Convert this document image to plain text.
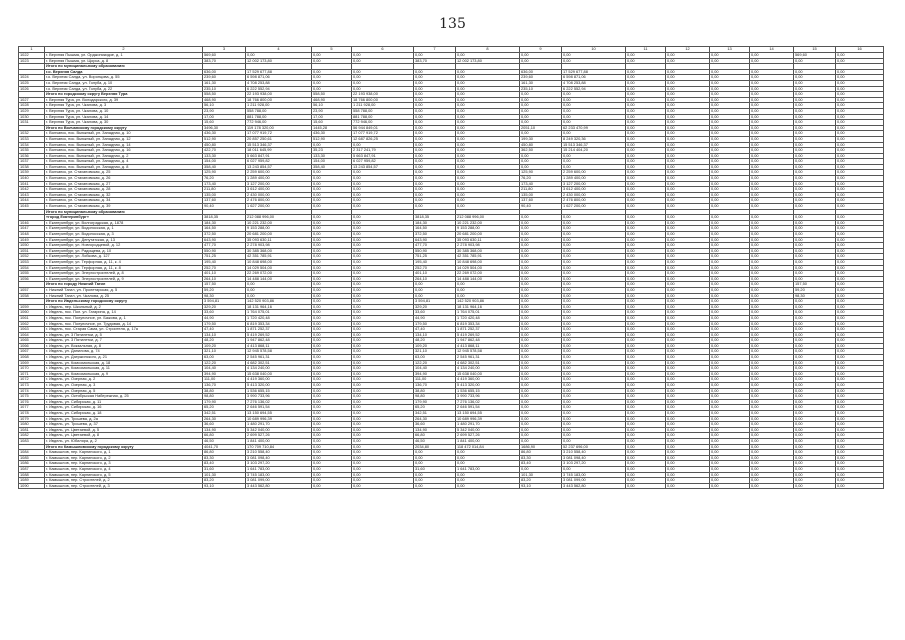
135
1	2	3	4	5	6	7	8	9	10	11	12	13	14	15	16
1022	г. Верхняя Пышма, ул. Орджоникидзе, д. 1	569,60	0,00	0,00	0,00	0,00	0,00	0,00	0,00	0,00	0,00	0,00	0,00	569,60	0,00
1023	г. Верхняя Пышма, ул. Щорса, д. 8	383,70	12 002 173,80	0,00	0,00	383,70	12 002 173,80	0,00	0,00	0,00	0,00	0,00	0,00	0,00	0,00
	Итого по муниципальному образованию														
	г.о. Верхняя Салда	636,00	17 529 677,88	0,00	0,00	0,00	0,00	636,00	17 529 677,88	0,00	0,00	0,00	0,00	0,00	0,00
1024	г.о. Верхняя Салда, ул. Воронцова, д. 55	239,60	6 598 871,06	0,00	0,00	0,00	0,00	239,60	6 598 871,06	0,00	0,00	0,00	0,00	0,00	0,00
1025	г.о. Верхняя Салда, ул. Голуба, д. 10	161,30	4 708 253,88	0,00	0,00	0,00	0,00	161,30	4 708 253,88	0,00	0,00	0,00	0,00	0,00	0,00
1026	г.о. Верхняя Салда, ул. Голуба, д. 22	235,10	6 222 552,94	0,00	0,00	0,00	0,00	235,10	6 222 552,94	0,00	0,00	0,00	0,00	0,00	0,00
	Итого по городскому округу Верхняя Тура	558,50	22 193 938,00	558,50	22 193 938,00	0,00	0,00	0,00	0,00	0,00	0,00	0,00	0,00	0,00	0,00
1027	г. Верхняя Тура, ул. Володарского, д. 39	468,90	18 766 800,00	468,90	18 766 800,00	0,00	0,00	0,00	0,00	0,00	0,00	0,00	0,00	0,00	0,00
1028	г. Верхняя Тура, ул. Чкалова, д. 3	56,10	1 211 928,00	56,10	1 211 928,00	0,00	0,00	0,00	0,00	0,00	0,00	0,00	0,00	0,00	0,00
1029	г. Верхняя Тура, ул. Чкалова, д. 10	23,90	558 788,00	23,90	558 788,00	0,00	0,00	0,00	0,00	0,00	0,00	0,00	0,00	0,00	0,00
1030	г. Верхняя Тура, ул. Чкалова, д. 14	17,00	881 788,00	17,00	881 788,00	0,00	0,00	0,00	0,00	0,00	0,00	0,00	0,00	0,00	0,00
1031	г. Верхняя Тура, ул. Чкалова, д. 30	15,60	772 946,00	15,60	772 946,00	0,00	0,00	0,00	0,00	0,00	0,00	0,00	0,00	0,00	0,00
	Итого по Волчанскому городскому округу	3496,30	119 178 320,00	1445,28	56 944 849,01	0,00	0,00	2051,10	62 233 470,99	0,00	0,00	0,00	0,00	0,00	0,00
1032	г. Волчанск, пос. Вьюжный, ул. Западная, д. 10	436,30	17 077 919,72	436,30	17 077 919,72	0,00	0,00	0,00	0,00	0,00	0,00	0,00	0,00	0,00	0,00
1033	г. Волчанск, пос. Вьюжный, ул. Западная, д. 12	512,90	20 857 250,61	512,90	12 687 826,25	0,00	0,00	199,30	8 249 320,36	0,00	0,00	0,00	0,00	0,00	0,00
1034	г. Волчанск, пос. Вьюжный, ул. Западная, д. 14	450,80	15 513 346,37	0,00	0,00	0,00	0,00	450,80	15 513 346,37	0,00	0,00	0,00	0,00	0,00	0,00
1035	г. Волчанск, пос. Вьюжный, ул. Западная, д. 16	422,70	18 011 645,99	35,23	2 317 241,79	0,00	0,00	362,50	15 214 404,20	0,00	0,00	0,00	0,00	0,00	0,00
1036	г. Волчанск, пос. Вьюжный, ул. Западная, д. 2	133,30	5 663 847,91	133,30	5 663 847,91	0,00	0,00	0,00	0,00	0,00	0,00	0,00	0,00	0,00	0,00
1037	г. Волчанск, пос. Вьюжный, ул. Западная, д. 4	154,00	6 027 959,82	154,00	6 027 959,82	0,00	0,00	0,00	0,00	0,00	0,00	0,00	0,00	0,00	0,00
1038	г. Волчанск, пос. Вьюжный, ул. Западная, д. 8	358,40	13 243 854,57	358,40	13 243 854,57	0,00	0,00	0,00	0,00	0,00	0,00	0,00	0,00	0,00	0,00
1039	г. Волчанск, ул. Стахановская, д. 25	125,90	2 259 600,00	0,00	0,00	0,00	0,00	125,90	2 259 600,00	0,00	0,00	0,00	0,00	0,00	0,00
1040	г. Волчанск, ул. Стахановская, д. 26	76,20	1 289 400,00	0,00	0,00	0,00	0,00	76,20	1 289 400,00	0,00	0,00	0,00	0,00	0,00	0,00
1041	г. Волчанск, ул. Стахановская, д. 27	173,40	3 127 200,00	0,00	0,00	0,00	0,00	173,40	3 127 200,00	0,00	0,00	0,00	0,00	0,00	0,00
1042	г. Волчанск, ул. Стахановская, д. 28	211,80	3 612 400,00	0,00	0,00	0,00	0,00	211,80	3 612 400,00	0,00	0,00	0,00	0,00	0,00	0,00
1043	г. Волчанск, ул. Стахановская, д. 32	135,00	2 430 000,00	0,00	0,00	0,00	0,00	135,00	2 430 000,00	0,00	0,00	0,00	0,00	0,00	0,00
1044	г. Волчанск, ул. Стахановская, д. 34	137,60	2 476 800,00	0,00	0,00	0,00	0,00	137,60	2 476 800,00	0,00	0,00	0,00	0,00	0,00	0,00
1045	г. Волчанск, ул. Стахановская, д. 39	90,40	1 627 200,00	0,00	0,00	0,00	0,00	90,40	1 627 200,00	0,00	0,00	0,00	0,00	0,00	0,00
	Итого по муниципальному образованию														
	«город Екатеринбург»	3818,35	212 088 996,00	0,00	0,00	3818,35	212 088 996,00	0,00	0,00	0,00	0,00	0,00	0,00	0,00	0,00
1046	г. Екатеринбург, ул. Волгоградская, д. 1878	184,30	10 221 232,00	0,00	0,00	184,30	10 221 232,00	0,00	0,00	0,00	0,00	0,00	0,00	0,00	0,00
1047	г. Екатеринбург, ул. Водоносская, д. 1	164,50	9 153 288,00	0,00	0,00	164,50	9 153 288,00	0,00	0,00	0,00	0,00	0,00	0,00	0,00	0,00
1048	г. Екатеринбург, ул. Водоносская, д. 3	372,50	20 681 200,00	0,00	0,00	372,50	20 681 200,00	0,00	0,00	0,00	0,00	0,00	0,00	0,00	0,00
1049	г. Екатеринбург, ул. Депутатская, д. 13	643,90	35 093 630,11	0,00	0,00	643,90	35 093 630,11	0,00	0,00	0,00	0,00	0,00	0,00	0,00	0,00
1050	г. Екатеринбург, ул. Новгородцевой, д. 12	477,70	2 278 903,98	0,00	0,00	477,70	2 278 903,98	0,00	0,00	0,00	0,00	0,00	0,00	0,00	0,00
1051	г. Екатеринбург, ул. Радищева, д. 10	550,90	30 385 368,00	0,00	0,00	550,90	30 385 368,00	0,00	0,00	0,00	0,00	0,00	0,00	0,00	0,00
1052	г. Екатеринбург, ул. Лобкова, д. 127	751,25	42 351 785,91	0,00	0,00	751,25	42 351 785,91	0,00	0,00	0,00	0,00	0,00	0,00	0,00	0,00
1053	г. Екатеринбург, ул. Терфорная, д. 11, к. 4	195,40	10 848 698,00	0,00	0,00	195,40	10 848 698,00	0,00	0,00	0,00	0,00	0,00	0,00	0,00	0,00
1054	г. Екатеринбург, ул. Терфорная, д. 11, к. 8	252,70	14 029 504,00	0,00	0,00	252,70	14 029 504,00	0,00	0,00	0,00	0,00	0,00	0,00	0,00	0,00
1055	г. Екатеринбург, ул. Энергостроителей, д. 8	401,10	22 269 072,00	0,00	0,00	401,10	22 269 072,00	0,00	0,00	0,00	0,00	0,00	0,00	0,00	0,00
1056	г. Екатеринбург, ул. Энергостроителей, д. 9	264,10	14 488 144,00	0,00	0,00	264,10	14 488 144,00	0,00	0,00	0,00	0,00	0,00	0,00	0,00	0,00
	Итого по городу Нижний Тагил	157,50	0,00	0,00	0,00	0,00	0,00	0,00	0,00	0,00	0,00	0,00	0,00	157,50	0,00
1057	г. Нижний Тагил, ул. Пролетарская, д. 5	59,20	0,00	0,00	0,00	0,00	0,00	0,00	0,00	0,00	0,00	0,00	0,00	59,20	0,00
1058	г. Нижний Тагил, ул. Чкалова, д. 25	98,30	0,00	0,00	0,00	0,00	0,00	0,00	0,00	0,00	0,00	0,00	0,00	98,30	0,00
	Итого по Ивдельскому городскому округу	3 594,81	142 520 903,86	0,00	0,00	3 594,81	142 520 903,86	0,00	0,00	0,00	0,00	0,00	0,00	0,00	0,00
1059	г. Ивдель, пер. Школьный, д. 2	329,20	18 131 964,16	0,00	0,00	329,20	18 131 964,16	0,00	0,00	0,00	0,00	0,00	0,00	0,00	0,00
1060	г. Ивдель, пос. Пол. ул. Гагарина, д. 14	33,60	1 764 075,01	0,00	0,00	33,60	1 764 075,01	0,00	0,00	0,00	0,00	0,00	0,00	0,00	0,00
1061	г. Ивдель, пос. Полуночное, ул. Бажова, д. 1	44,90	1 720 420,48	0,00	0,00	44,90	1 720 420,48	0,00	0,00	0,00	0,00	0,00	0,00	0,00	0,00
1062	г. Ивдель, пос. Полуночное, ул. Трудовая, д. 14	179,50	6 819 353,34	0,00	0,00	179,50	6 819 353,34	0,00	0,00	0,00	0,00	0,00	0,00	0,00	0,00
1063	г. Ивдель, пос. Старая Сама, ул. Строителя, д. 17а	47,40	1 871 252,37	0,00	0,00	47,40	1 871 252,37	0,00	0,00	0,00	0,00	0,00	0,00	0,00	0,00
1064	г. Ивдель, ул. 3 Пятилетки, д. 5	134,10	5 419 269,52	0,00	0,00	134,10	5 419 269,52	0,00	0,00	0,00	0,00	0,00	0,00	0,00	0,00
1065	г. Ивдель, ул. 3 Пятилетки, д. 7	48,20	1 947 862,48	0,00	0,00	48,20	1 947 862,48	0,00	0,00	0,00	0,00	0,00	0,00	0,00	0,00
1066	г. Ивдель, ул. Вокзальная, д. 8	109,20	4 413 868,11	0,00	0,00	109,20	4 413 868,11	0,00	0,00	0,00	0,00	0,00	0,00	0,00	0,00
1067	г. Ивдель, ул. Данилова, д. 74	321,10	12 945 578,58	0,00	0,00	321,10	12 945 578,58	0,00	0,00	0,00	0,00	0,00	0,00	0,00	0,00
1068	г. Ивдель, ул. Дзержинского, д. 21	63,00	2 545 961,31	0,00	0,00	63,00	2 545 961,31	0,00	0,00	0,00	0,00	0,00	0,00	0,00	0,00
1069	г. Ивдель, ул. Комсомольская, д. 18	122,20	4 682 302,51	0,00	0,00	122,20	4 682 302,51	0,00	0,00	0,00	0,00	0,00	0,00	0,00	0,00
1070	г. Ивдель, ул. Комсомольская, д. 11	104,40	4 134 240,00	0,00	0,00	104,40	4 134 240,00	0,00	0,00	0,00	0,00	0,00	0,00	0,00	0,00
1071	г. Ивдель, ул. Комсомольская, д. 9	394,90	15 638 040,00	0,00	0,00	394,90	15 638 040,00	0,00	0,00	0,00	0,00	0,00	0,00	0,00	0,00
1072	г. Ивдель, ул. Озерная, д. 2	111,00	4 419 360,00	0,00	0,00	111,00	4 419 360,00	0,00	0,00	0,00	0,00	0,00	0,00	0,00	0,00
1073	г. Ивдель, ул. Озерная, д. 3	136,70	5 413 320,00	0,00	0,00	136,70	5 413 320,00	0,00	0,00	0,00	0,00	0,00	0,00	0,00	0,00
1074	г. Ивдель, ул. Озерная, д. 5	38,80	1 536 655,15	0,00	0,00	38,80	1 536 655,15	0,00	0,00	0,00	0,00	0,00	0,00	0,00	0,00
1075	г. Ивдель, ул. Октябрьская Набережная, д. 25	98,80	3 990 733,96	0,00	0,00	98,80	3 990 733,96	0,00	0,00	0,00	0,00	0,00	0,00	0,00	0,00
1076	г. Ивдель, ул. Сибирская, д. 11	179,90	7 276 136,02	0,00	0,00	179,90	7 276 136,02	0,00	0,00	0,00	0,00	0,00	0,00	0,00	0,00
1077	г. Ивдель, ул. Сибирская, д. 16	65,20	2 646 591,54	0,00	0,00	65,20	2 646 591,54	0,00	0,00	0,00	0,00	0,00	0,00	0,00	0,00
1078	г. Ивдель, ул. Сибирская, д. 18	342,51	13 150 694,55	0,00	0,00	342,51	13 150 694,55	0,00	0,00	0,00	0,00	0,00	0,00	0,00	0,00
1079	г. Ивдель, ул. Трошева, д. 2а	264,30	10 689 996,39	0,00	0,00	264,30	10 689 996,39	0,00	0,00	0,00	0,00	0,00	0,00	0,00	0,00
1080	г. Ивдель, ул. Трошева, д. 37	36,60	1 480 291,70	0,00	0,00	36,60	1 480 291,70	0,00	0,00	0,00	0,00	0,00	0,00	0,00	0,00
1081	г. Ивдель, ул. Цветаевой, д. 5	134,90	5 342 040,00	0,00	0,00	134,90	5 342 040,00	0,00	0,00	0,00	0,00	0,00	0,00	0,00	0,00
1082	г. Ивдель, ул. Цветаевой, д. 8	66,80	2 699 527,26	0,00	0,00	66,80	2 699 527,26	0,00	0,00	0,00	0,00	0,00	0,00	0,00	0,00
1083	г. Ивдель, ул. Юбиляра, д. 2	46,50	1 841 400,00	0,00	0,00	46,50	1 841 400,00	0,00	0,00	0,00	0,00	0,00	0,00	0,00	0,00
	Итого по Камышловскому городскому округу	4041,70	170 709 710,84	0,00	0,00	2034,80	118 472 014,84	1686,90	52 237 696,00	0,00	0,00	0,00	0,00	0,00	0,00
1084	г. Камышлов, пер. Карпинского, д. 1	86,80	3 210 558,40	0,00	0,00	0,00	0,00	86,80	3 210 558,40	0,00	0,00	0,00	0,00	0,00	0,00
1085	г. Камышлов, пер. Карпинского, д. 2	83,30	3 081 098,40	0,00	0,00	0,00	0,00	83,30	3 081 098,40	0,00	0,00	0,00	0,00	0,00	0,00
1086	г. Камышлов, пер. Карпинского, д. 3	83,40	3 103 297,20	0,00	0,00	0,00	0,00	83,40	3 103 297,20	0,00	0,00	0,00	0,00	0,00	0,00
1087	г. Камышлов, пер. Карпинского, д. 4	31,60	1 641 783,00	0,00	0,00	31,60	1 641 783,00	0,00	0,00	0,00	0,00	0,00	0,00	0,00	0,00
1088	г. Камышлов, пер. Карпинского, д. 5	101,30	3 745 183,00	0,00	0,00	0,00	0,00	101,30	3 745 183,00	0,00	0,00	0,00	0,00	0,00	0,00
1089	г. Камышлов, пер. Строителей, д. 2	83,20	3 081 099,00	0,00	0,00	0,00	0,00	83,20	3 081 099,00	0,00	0,00	0,00	0,00	0,00	0,00
1090	г. Камышлов, пер. Строителей, д. 3	93,10	3 443 562,80	0,00	0,00	0,00	0,00	93,10	3 443 562,80	0,00	0,00	0,00	0,00	0,00	0,00
